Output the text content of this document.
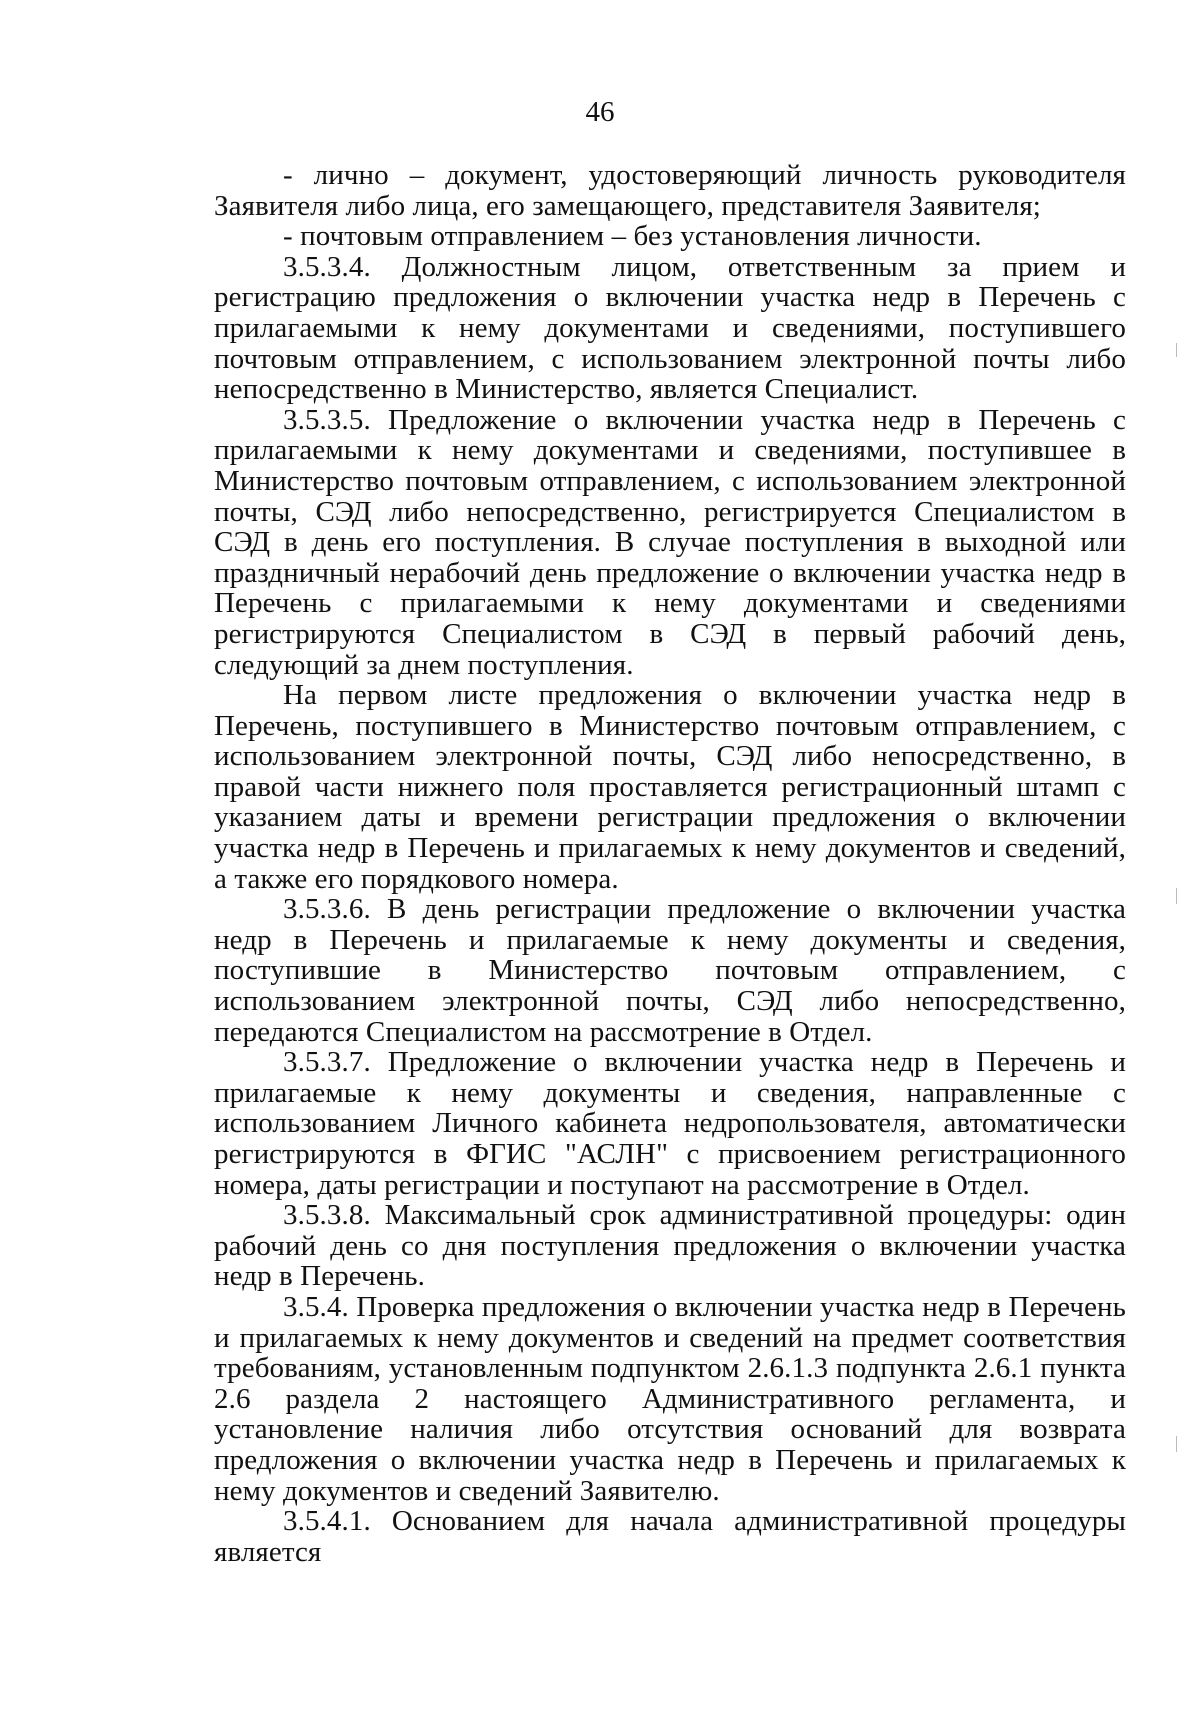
46

- лично – документ, удостоверяющий личность руководителя Заявителя либо лица, его замещающего, представителя Заявителя;

- почтовым отправлением – без установления личности.

3.5.3.4. Должностным лицом, ответственным за прием и регистрацию предложения о включении участка недр в Перечень с прилагаемыми к нему документами и сведениями, поступившего почтовым отправлением, с использованием электронной почты либо непосредственно в Министерство, является Специалист.

3.5.3.5. Предложение о включении участка недр в Перечень с прилагаемыми к нему документами и сведениями, поступившее в Министерство почтовым отправлением, с использованием электронной почты, СЭД либо непосредственно, регистрируется Специалистом в СЭД в день его поступления. В случае поступления в выходной или праздничный нерабочий день предложение о включении участка недр в Перечень с прилагаемыми к нему документами и сведениями регистрируются Специалистом в СЭД в первый рабочий день, следующий за днем поступления.

На первом листе предложения о включении участка недр в Перечень, поступившего в Министерство почтовым отправлением, с использованием электронной почты, СЭД либо непосредственно, в правой части нижнего поля проставляется регистрационный штамп с указанием даты и времени регистрации предложения о включении участка недр в Перечень и прилагаемых к нему документов и сведений, а также его порядкового номера.

3.5.3.6. В день регистрации предложение о включении участка недр в Перечень и прилагаемые к нему документы и сведения, поступившие в Министерство почтовым отправлением, с использованием электронной почты, СЭД либо непосредственно, передаются Специалистом на рассмотрение в Отдел.

3.5.3.7. Предложение о включении участка недр в Перечень и прилагаемые к нему документы и сведения, направленные с использованием Личного кабинета недропользователя, автоматически регистрируются в ФГИС "АСЛН" с присвоением регистрационного номера, даты регистрации и поступают на рассмотрение в Отдел.

3.5.3.8. Максимальный срок административной процедуры: один рабочий день со дня поступления предложения о включении участка недр в Перечень.

3.5.4. Проверка предложения о включении участка недр в Перечень и прилагаемых к нему документов и сведений на предмет соответствия требованиям, установленным подпунктом 2.6.1.3 подпункта 2.6.1 пункта 2.6 раздела 2 настоящего Административного регламента, и установление наличия либо отсутствия оснований для возврата предложения о включении участка недр в Перечень и прилагаемых к нему документов и сведений Заявителю.

3.5.4.1. Основанием для начала административной процедуры является
